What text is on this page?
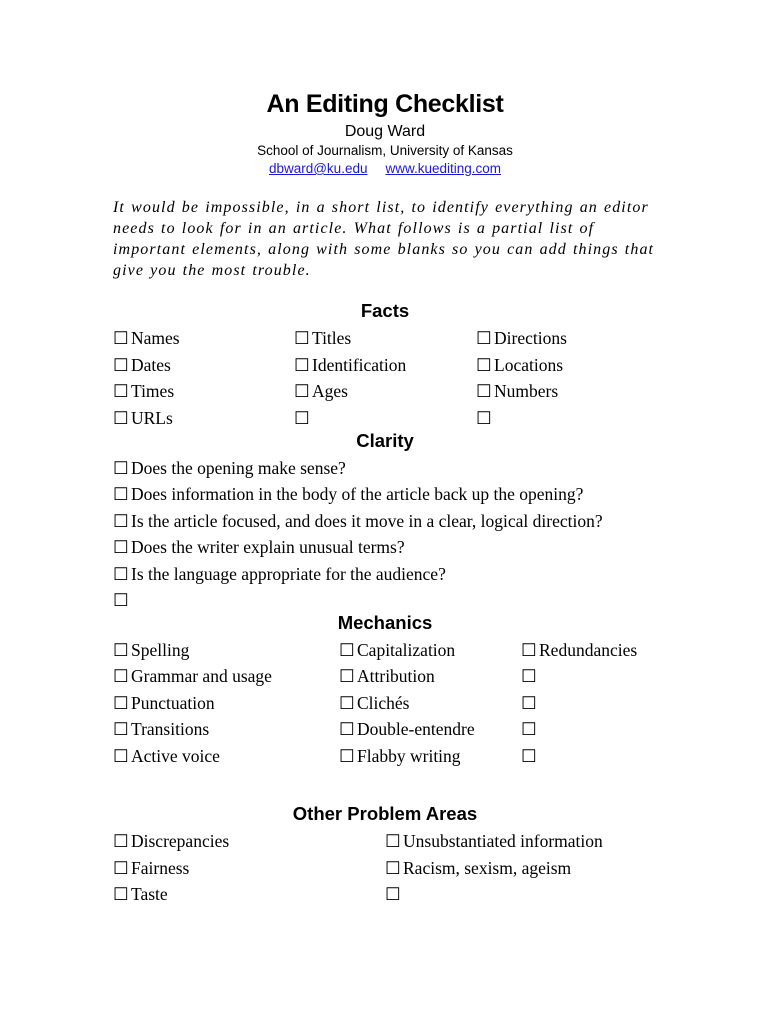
An Editing Checklist
Doug Ward
School of Journalism, University of Kansas
dbward@ku.edu www.kuediting.com
It would be impossible, in a short list, to identify everything an editor needs to look for in an article. What follows is a partial list of important elements, along with some blanks so you can add things that give you the most trouble.
Facts
☐ Names	☐ Titles	☐ Directions
☐ Dates	☐ Identification	☐ Locations
☐ Times	☐ Ages	☐ Numbers
☐ URLs	☐	☐
Clarity
☐ Does the opening make sense?
☐ Does information in the body of the article back up the opening?
☐ Is the article focused, and does it move in a clear, logical direction?
☐ Does the writer explain unusual terms?
☐ Is the language appropriate for the audience?
☐
Mechanics
☐ Spelling	☐ Capitalization	☐ Redundancies
☐ Grammar and usage	☐ Attribution	☐
☐ Punctuation	☐ Clichés	☐
☐ Transitions	☐ Double-entendre	☐
☐ Active voice	☐ Flabby writing	☐
Other Problem Areas
☐ Discrepancies	☐ Unsubstantiated information
☐ Fairness	☐ Racism, sexism, ageism
☐ Taste	☐
